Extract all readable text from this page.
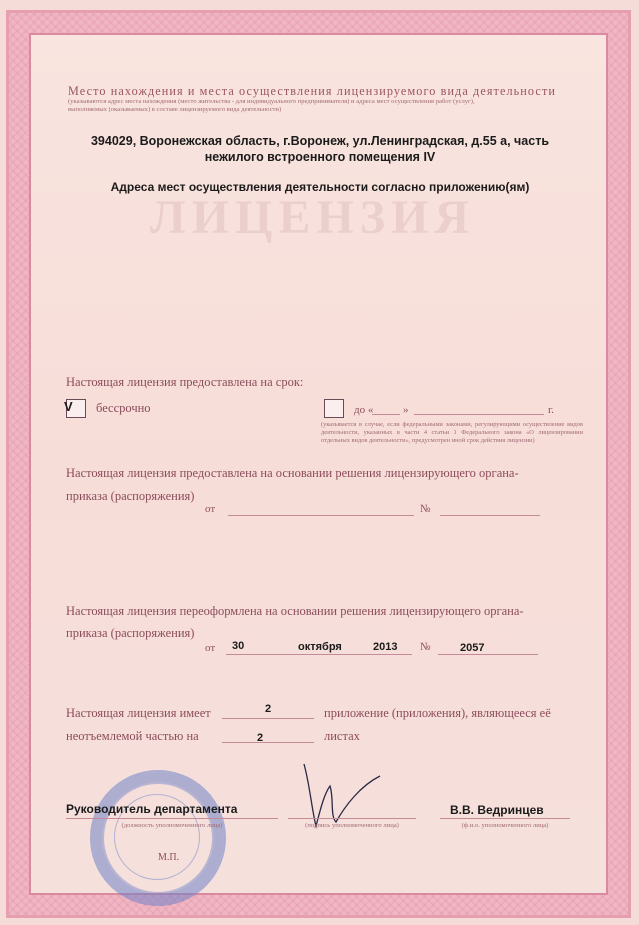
ЛИЦЕНЗИЯ
Место нахождения и места осуществления лицензируемого вида деятельности
(указываются адрес места нахождения (место жительства - для индивидуального предпринимателя) и адреса мест осуществления работ (услуг),
выполняемых (оказываемых) в составе лицензируемого вида деятельности)
394029, Воронежская область, г.Воронеж, ул.Ленинградская, д.55 а, часть
нежилого встроенного помещения IV
Адреса мест осуществления деятельности согласно приложению(ям)
Настоящая лицензия предоставлена на срок:
V бессрочно	до «	»	г.
(указывается в случае, если федеральными законами, регулирующими осуществление видов деятельности, указанных в части 4 статьи 1 Федерального закона «О лицензировании отдельных видов деятельности», предусмотрен иной срок действия лицензии)
Настоящая лицензия предоставлена на основании решения лицензирующего органа-
приказа (распоряжения)
от	№
Настоящая лицензия переоформлена на основании решения лицензирующего органа-
приказа (распоряжения)
от 30	октября	2013 №	2057
Настоящая лицензия имеет	2	приложение (приложения), являющееся её
неотъемлемой частью на	2	листах
Руководитель департамента
(должность уполномоченного лица)	(подпись уполномоченного лица)
В.В. Ведринцев
(ф.и.о. уполномоченного лица)
М.П.
